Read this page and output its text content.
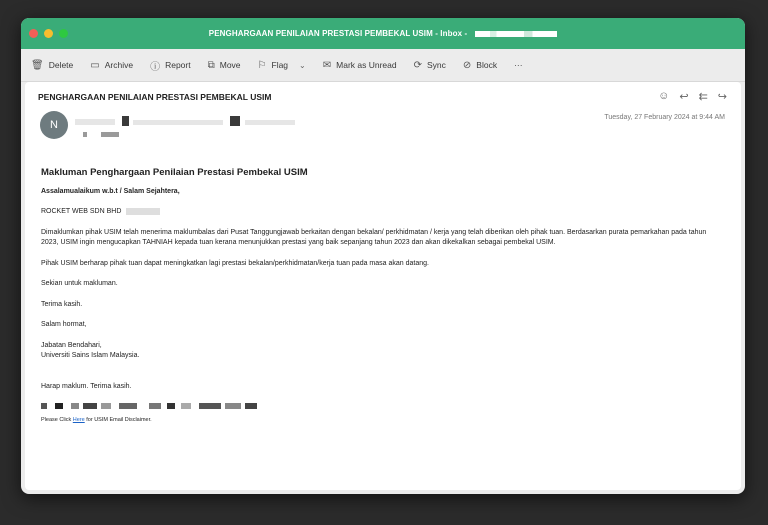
PENGHARGAAN PENILAIAN PRESTASI PEMBEKAL USIM - Inbox -
🗑 Delete ▭ Archive ⓘ Report ⧉ Move ⚐ Flag ⌄ ✉ Mark as Unread ⟳ Sync ⊘ Block ···
PENGHARGAAN PENILAIAN PRESTASI PEMBEKAL USIM	☺ ↩ ⇇ ↪
N
Tuesday, 27 February 2024 at 9:44 AM

Makluman Penghargaan Penilaian Prestasi Pembekal USIM

Assalamualaikum w.b.t / Salam Sejahtera,

ROCKET WEB SDN BHD

Dimaklumkan pihak USIM telah menerima maklumbalas dari Pusat Tanggungjawab berkaitan dengan bekalan/ perkhidmatan / kerja yang telah diberikan oleh pihak tuan. Berdasarkan purata pemarkahan pada tahun 2023, USIM ingin mengucapkan TAHNIAH kepada tuan kerana menunjukkan prestasi yang baik sepanjang tahun 2023 dan akan dikekalkan sebagai pembekal USIM.

Pihak USIM berharap pihak tuan dapat meningkatkan lagi prestasi bekalan/perkhidmatan/kerja tuan pada masa akan datang.

Sekian untuk makluman.

Terima kasih.

Salam hormat,

Jabatan Bendahari,

Universiti Sains Islam Malaysia.

Harap maklum. Terima kasih.

Please Click Here for USIM Email Disclaimer.
